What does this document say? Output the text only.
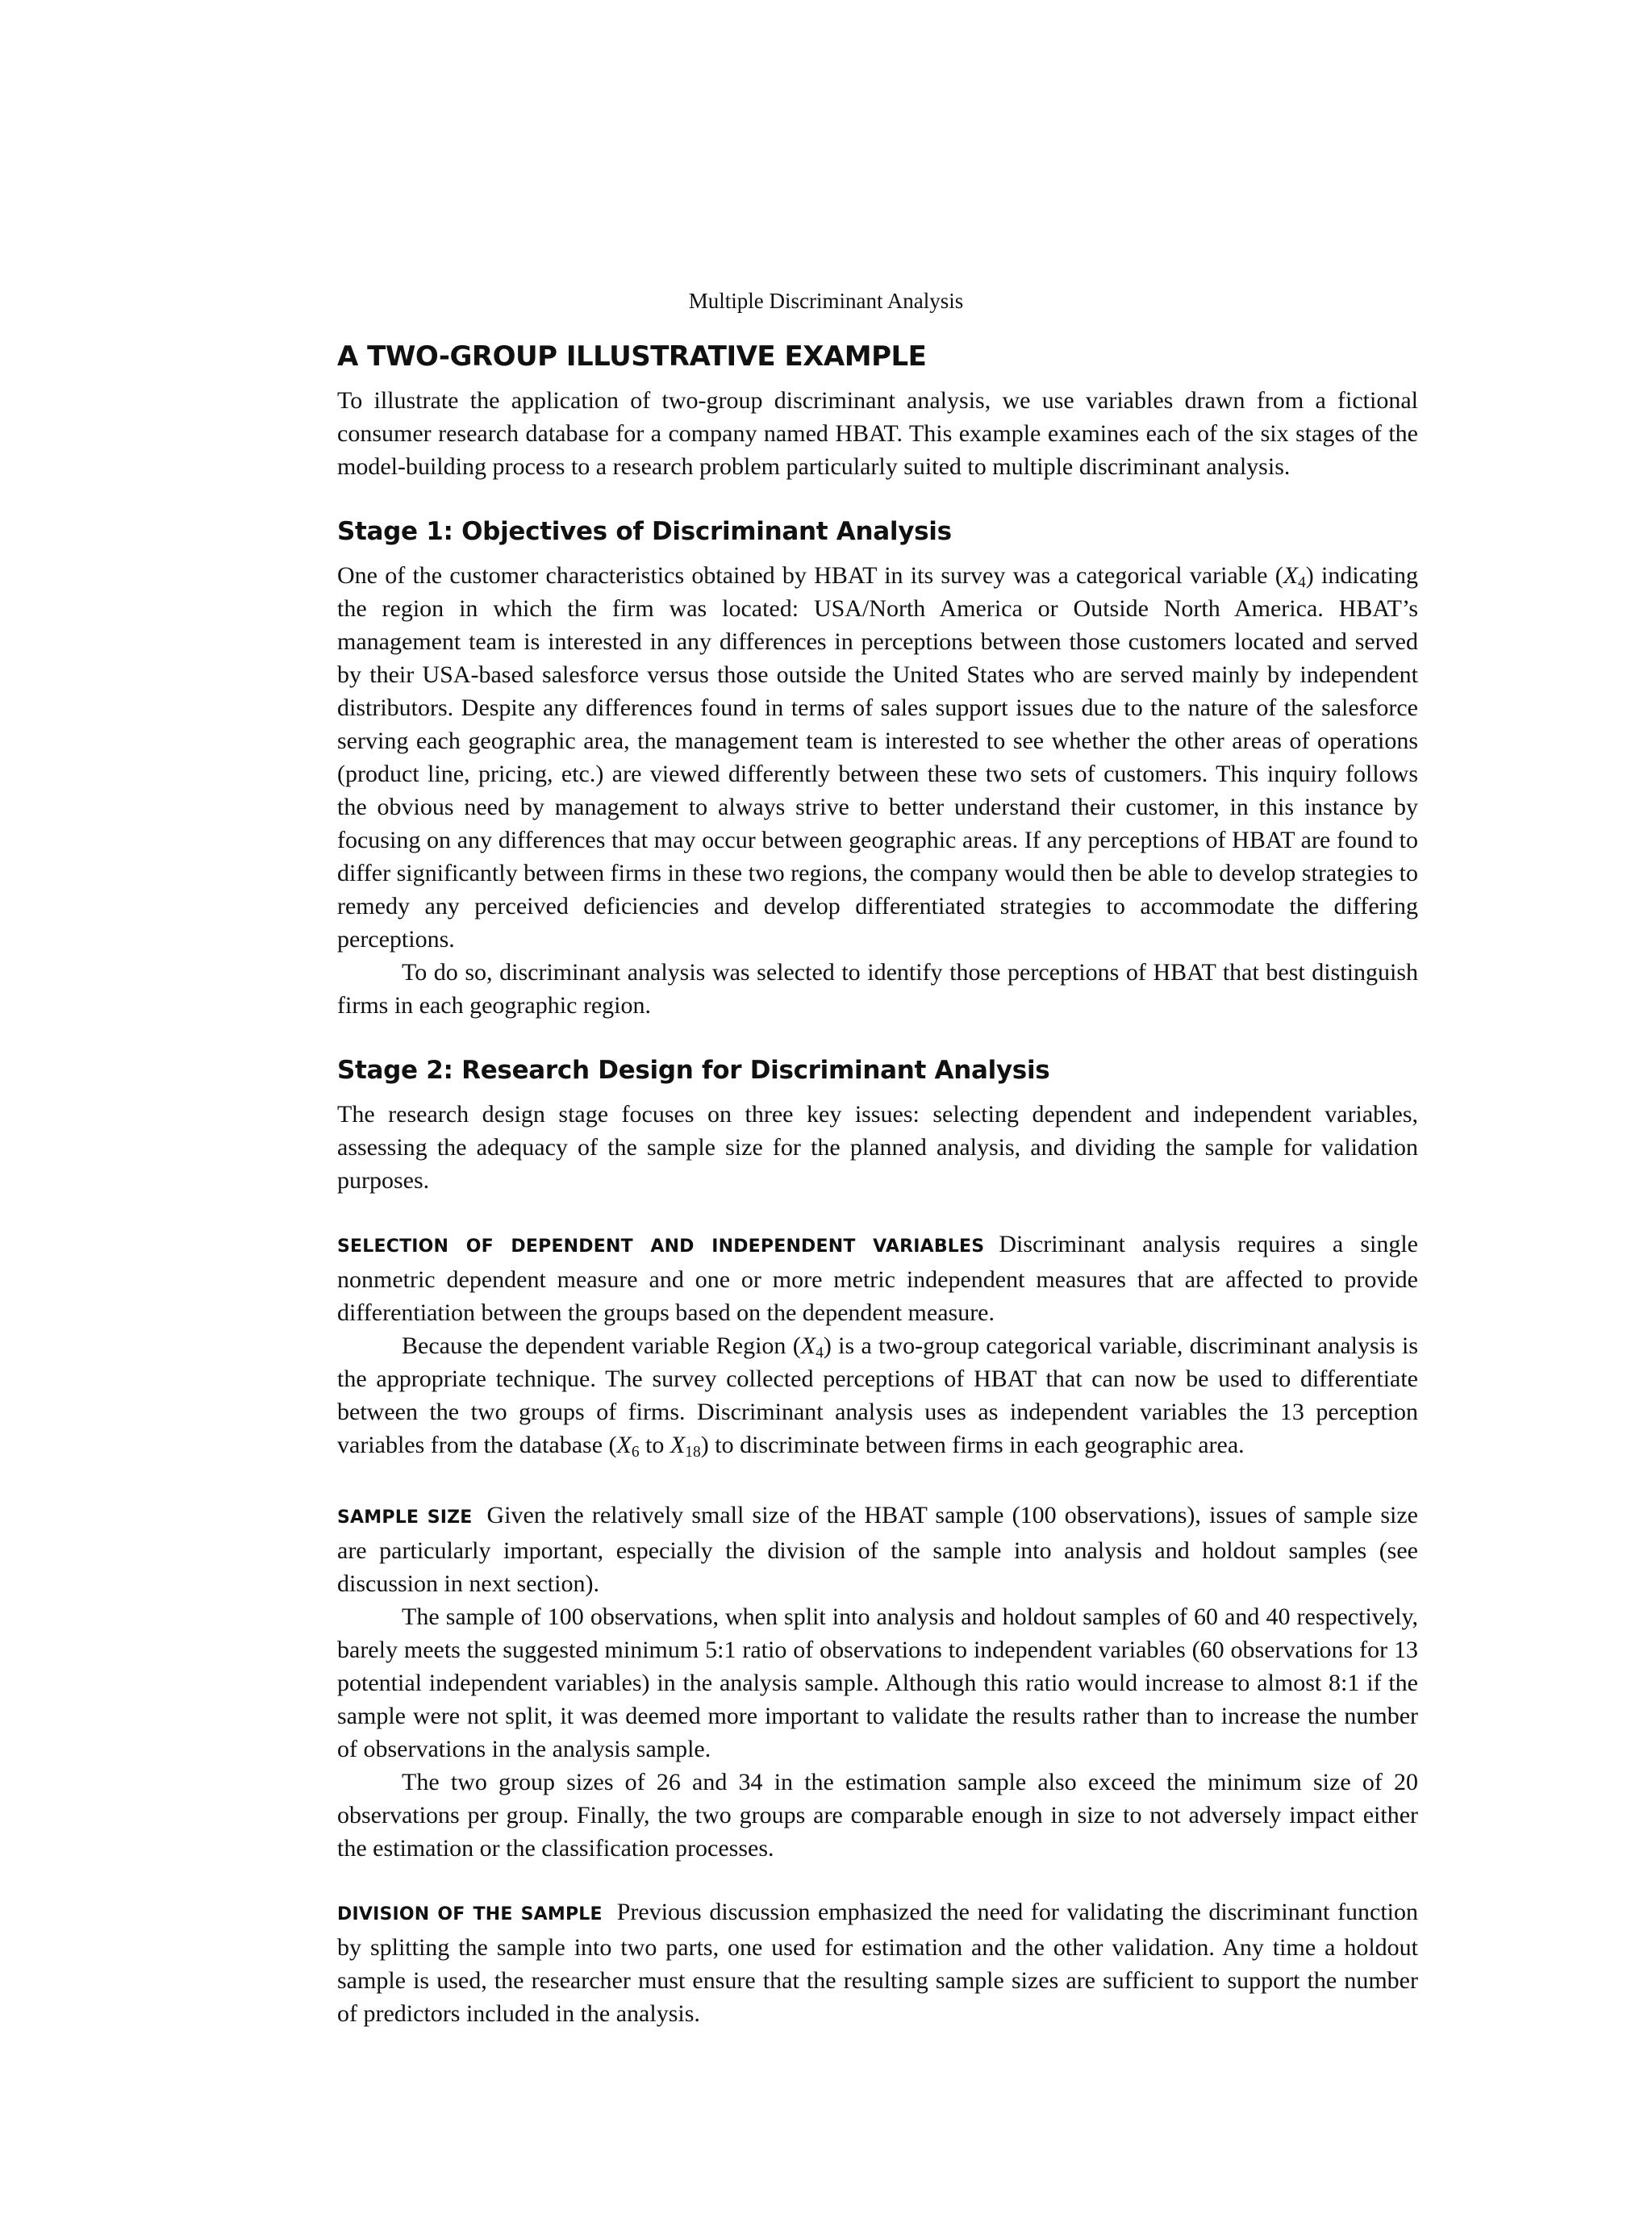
Multiple Discriminant Analysis
A TWO-GROUP ILLUSTRATIVE EXAMPLE

To illustrate the application of two-group discriminant analysis, we use variables drawn from a fictional consumer research database for a company named HBAT. This example examines each of the six stages of the model-building process to a research problem particularly suited to multiple discriminant analysis.

Stage 1: Objectives of Discriminant Analysis

One of the customer characteristics obtained by HBAT in its survey was a categorical variable $(X_4)$ indicating the region in which the firm was located: USA/North America or Outside North America. HBAT’s management team is interested in any differences in perceptions between those customers located and served by their USA-based salesforce versus those outside the United States who are served mainly by independent distributors. Despite any differences found in terms of sales support issues due to the nature of the salesforce serving each geographic area, the management team is interested to see whether the other areas of operations (product line, pricing, etc.) are viewed differently between these two sets of customers. This inquiry follows the obvious need by management to always strive to better understand their customer, in this instance by focusing on any differences that may occur between geographic areas. If any perceptions of HBAT are found to differ significantly between firms in these two regions, the company would then be able to develop strategies to remedy any perceived deficiencies and develop differentiated strategies to accommodate the differing perceptions.

To do so, discriminant analysis was selected to identify those perceptions of HBAT that best distinguish firms in each geographic region.

Stage 2: Research Design for Discriminant Analysis

The research design stage focuses on three key issues: selecting dependent and independent variables, assessing the adequacy of the sample size for the planned analysis, and dividing the sample for validation purposes.

SELECTION OF DEPENDENT AND INDEPENDENT VARIABLES Discriminant analysis requires a single nonmetric dependent measure and one or more metric independent measures that are affected to provide differentiation between the groups based on the dependent measure.

Because the dependent variable Region $(X_4)$ is a two-group categorical variable, discriminant analysis is the appropriate technique. The survey collected perceptions of HBAT that can now be used to differentiate between the two groups of firms. Discriminant analysis uses as independent variables the 13 perception variables from the database ($X_6$ to $X_{18}$) to discriminate between firms in each geographic area.

SAMPLE SIZE Given the relatively small size of the HBAT sample (100 observations), issues of sample size are particularly important, especially the division of the sample into analysis and holdout samples (see discussion in next section).

The sample of 100 observations, when split into analysis and holdout samples of 60 and 40 respectively, barely meets the suggested minimum 5:1 ratio of observations to independent variables (60 observations for 13 potential independent variables) in the analysis sample. Although this ratio would increase to almost 8:1 if the sample were not split, it was deemed more important to validate the results rather than to increase the number of observations in the analysis sample.

The two group sizes of 26 and 34 in the estimation sample also exceed the minimum size of 20 observations per group. Finally, the two groups are comparable enough in size to not adversely impact either the estimation or the classification processes.

DIVISION OF THE SAMPLE Previous discussion emphasized the need for validating the discriminant function by splitting the sample into two parts, one used for estimation and the other validation. Any time a holdout sample is used, the researcher must ensure that the resulting sample sizes are sufficient to support the number of predictors included in the analysis.
